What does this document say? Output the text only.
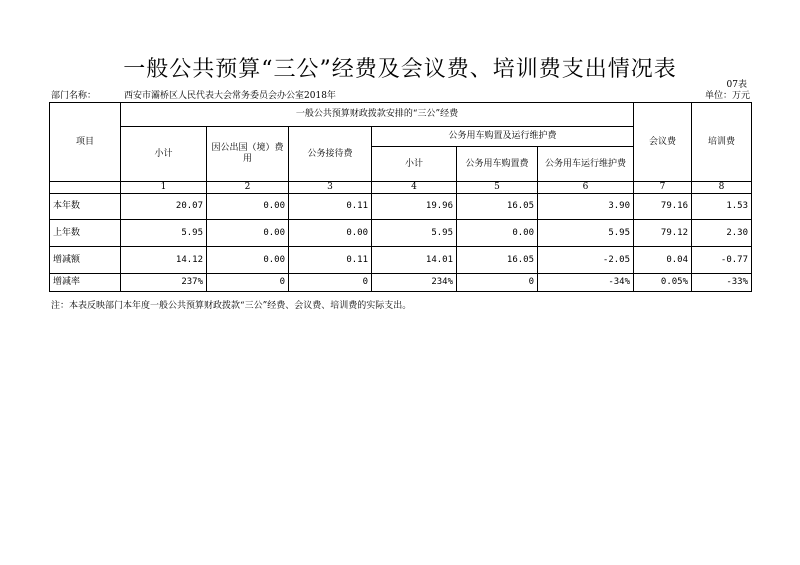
一般公共预算“三公”经费及会议费、培训费支出情况表
07表
部门名称：	西安市灞桥区人民代表大会常务委员会办公室2018年	单位：万元
项目	一般公共预算财政拨款安排的“三公”经费						会议费	培训费
	小计	因公出国（境）费用	公务接待费	公务用车购置及运行维护费				
				小计	公务用车购置费	公务用车运行维护费		
	1	2	3	4	5	6	7	8
本年数	20.07	0.00	0.11	19.96	16.05	3.90	79.16	1.53
上年数	5.95	0.00	0.00	5.95	0.00	5.95	79.12	2.30
增减额	14.12	0.00	0.11	14.01	16.05	-2.05	0.04	-0.77
增减率	237%	0	0	234%	0	-34%	0.05%	-33%
注：本表反映部门本年度一般公共预算财政拨款“三公”经费、会议费、培训费的实际支出。
